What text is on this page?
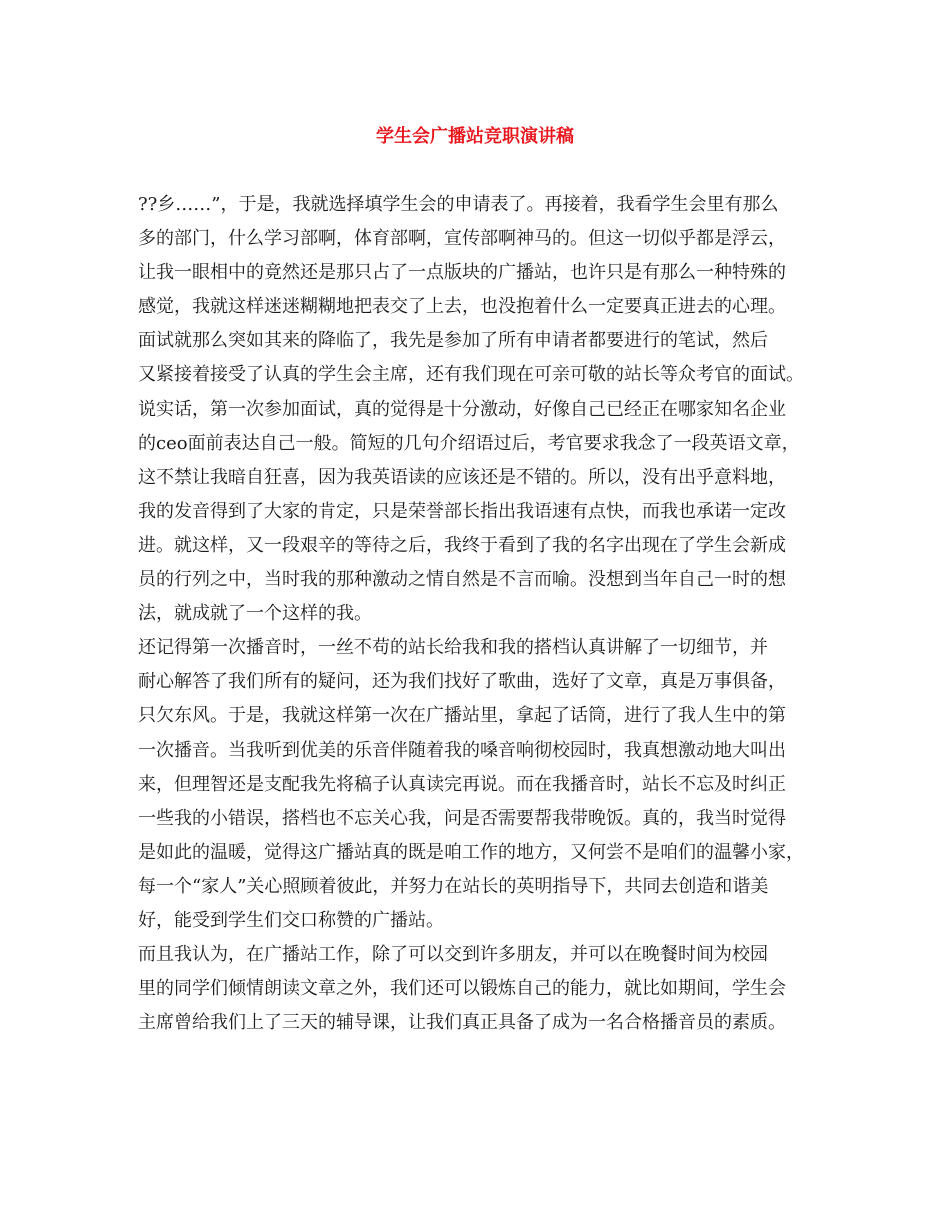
学生会广播站竞职演讲稿
??乡……”，于是，我就选择填学生会的申请表了。再接着，我看学生会里有那么
多的部门，什么学习部啊，体育部啊，宣传部啊神马的。但这一切似乎都是浮云，
让我一眼相中的竟然还是那只占了一点版块的广播站，也许只是有那么一种特殊的
感觉，我就这样迷迷糊糊地把表交了上去，也没抱着什么一定要真正进去的心理。
面试就那么突如其来的降临了，我先是参加了所有申请者都要进行的笔试，然后
又紧接着接受了认真的学生会主席，还有我们现在可亲可敬的站长等众考官的面试。
说实话，第一次参加面试，真的觉得是十分激动，好像自己已经正在哪家知名企业
的ceo面前表达自己一般。简短的几句介绍语过后，考官要求我念了一段英语文章，
这不禁让我暗自狂喜，因为我英语读的应该还是不错的。所以，没有出乎意料地，
我的发音得到了大家的肯定，只是荣誉部长指出我语速有点快，而我也承诺一定改
进。就这样，又一段艰辛的等待之后，我终于看到了我的名字出现在了学生会新成
员的行列之中，当时我的那种激动之情自然是不言而喻。没想到当年自己一时的想
法，就成就了一个这样的我。
还记得第一次播音时，一丝不苟的站长给我和我的搭档认真讲解了一切细节，并
耐心解答了我们所有的疑问，还为我们找好了歌曲，选好了文章，真是万事俱备，
只欠东风。于是，我就这样第一次在广播站里，拿起了话筒，进行了我人生中的第
一次播音。当我听到优美的乐音伴随着我的嗓音响彻校园时，我真想激动地大叫出
来，但理智还是支配我先将稿子认真读完再说。而在我播音时，站长不忘及时纠正
一些我的小错误，搭档也不忘关心我，问是否需要帮我带晚饭。真的，我当时觉得
是如此的温暖，觉得这广播站真的既是咱工作的地方，又何尝不是咱们的温馨小家，
每一个“家人”关心照顾着彼此，并努力在站长的英明指导下，共同去创造和谐美
好，能受到学生们交口称赞的广播站。
而且我认为，在广播站工作，除了可以交到许多朋友，并可以在晚餐时间为校园
里的同学们倾情朗读文章之外，我们还可以锻炼自己的能力，就比如期间，学生会
主席曾给我们上了三天的辅导课，让我们真正具备了成为一名合格播音员的素质。
